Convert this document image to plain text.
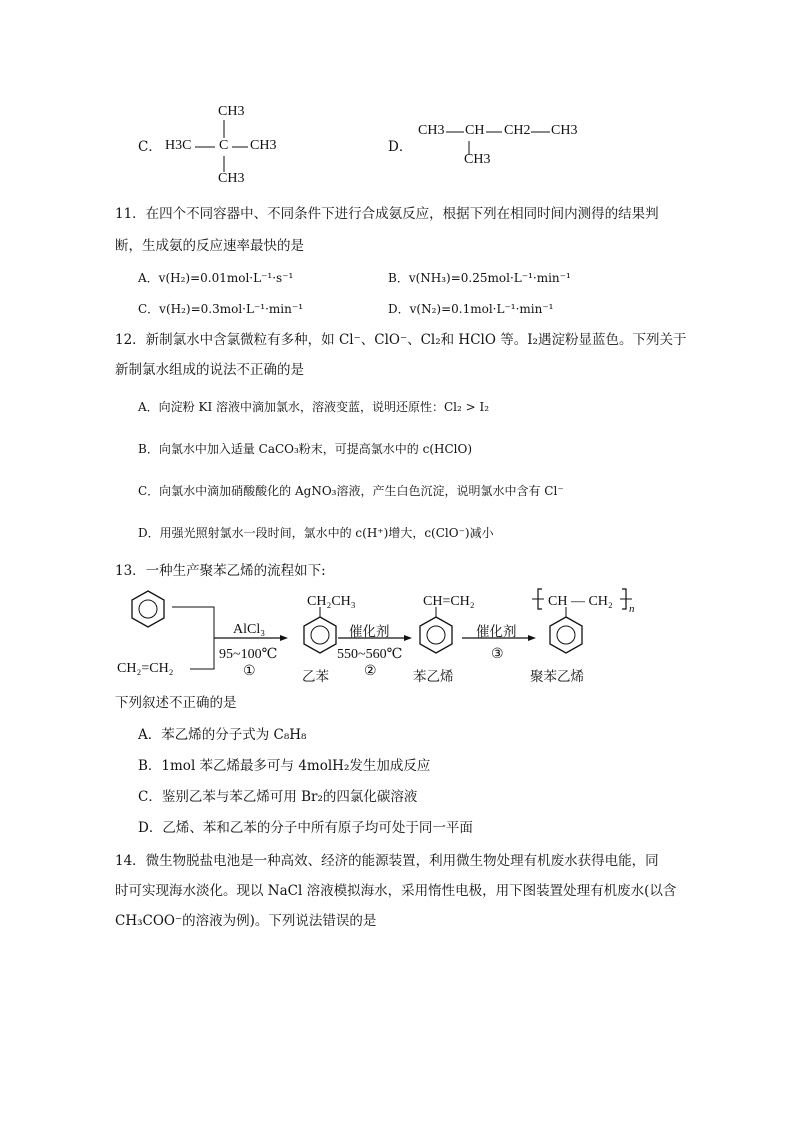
C．
CH3
H3C C CH3
CH3
D．
CH3 CH CH2 CH3
CH3
11．在四个不同容器中、不同条件下进行合成氨反应，根据下列在相同时间内测得的结果判
断，生成氨的反应速率最快的是
A．v(H₂)=0.01mol·L⁻¹·s⁻¹	B．v(NH₃)=0.25mol·L⁻¹·min⁻¹
C．v(H₂)=0.3mol·L⁻¹·min⁻¹	D．v(N₂)=0.1mol·L⁻¹·min⁻¹
12．新制氯水中含氯微粒有多种，如 Cl⁻、ClO⁻、Cl₂和 HClO 等。I₂遇淀粉显蓝色。下列关于
新制氯水组成的说法不正确的是
A．向淀粉 KI 溶液中滴加氯水，溶液变蓝，说明还原性：Cl₂ > I₂
B．向氯水中加入适量 CaCO₃粉末，可提高氯水中的 c(HClO)
C．向氯水中滴加硝酸酸化的 AgNO₃溶液，产生白色沉淀，说明氯水中含有 Cl⁻
D．用强光照射氯水一段时间，氯水中的 c(H⁺)增大，c(ClO⁻)减小
13．一种生产聚苯乙烯的流程如下:
CH₂=CH₂
AlCl₃
95~100℃
①
CH₂CH₃
乙苯
催化剂
550~560℃
②
CH=CH₂
苯乙烯
催化剂
③
CH — CH₂ n
聚苯乙烯
下列叙述不正确的是
A．苯乙烯的分子式为 C₈H₈
B．1mol 苯乙烯最多可与 4molH₂发生加成反应
C．鉴别乙苯与苯乙烯可用 Br₂的四氯化碳溶液
D．乙烯、苯和乙苯的分子中所有原子均可处于同一平面
14．微生物脱盐电池是一种高效、经济的能源装置，利用微生物处理有机废水获得电能，同
时可实现海水淡化。现以 NaCl 溶液模拟海水，采用惰性电极，用下图装置处理有机废水(以含
CH₃COO⁻的溶液为例)。下列说法错误的是
